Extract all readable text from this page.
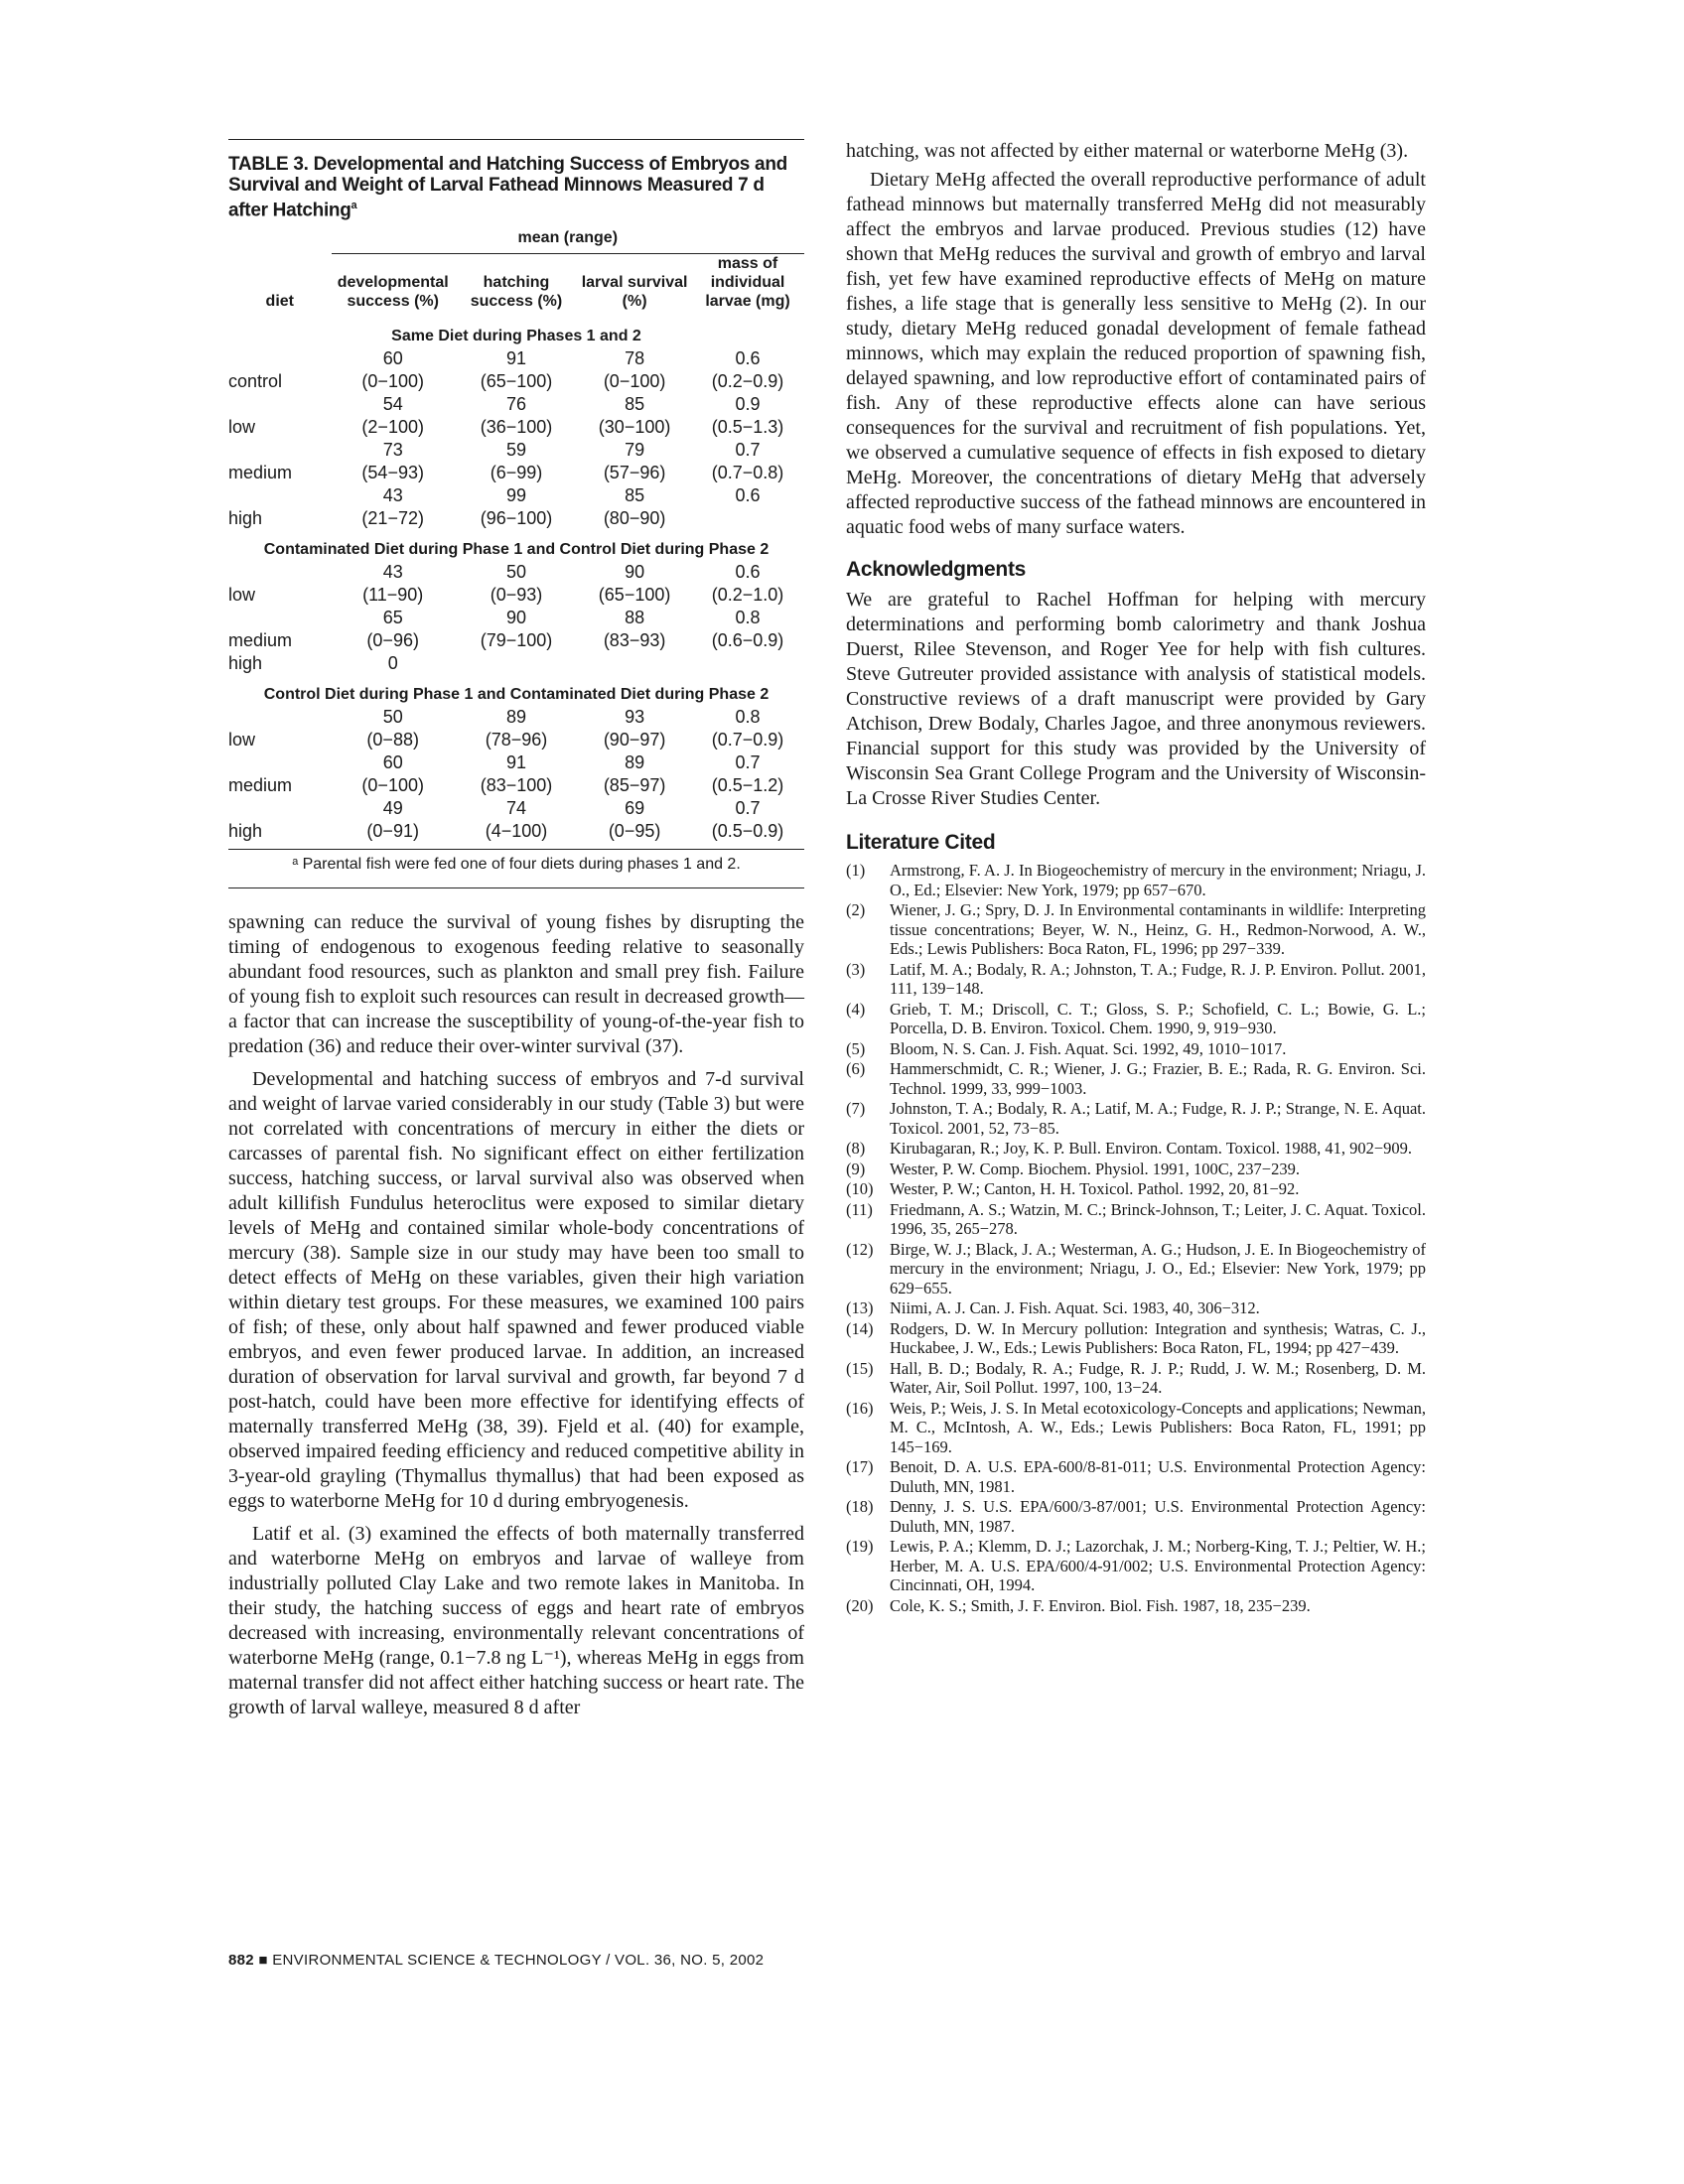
TABLE 3. Developmental and Hatching Success of Embryos and Survival and Weight of Larval Fathead Minnows Measured 7 d after Hatching$^a$
	mean (range)			
diet	developmental success (%)	hatching success (%)	larval survival (%)	mass of individual larvae (mg)
Same Diet during Phases 1 and 2				
	60	91	78	0.6
control	(0−100)	(65−100)	(0−100)	(0.2−0.9)
	54	76	85	0.9
low	(2−100)	(36−100)	(30−100)	(0.5−1.3)
	73	59	79	0.7
medium	(54−93)	(6−99)	(57−96)	(0.7−0.8)
	43	99	85	0.6
high	(21−72)	(96−100)	(80−90)	
Contaminated Diet during Phase 1 and Control Diet during Phase 2				
	43	50	90	0.6
low	(11−90)	(0−93)	(65−100)	(0.2−1.0)
	65	90	88	0.8
medium	(0−96)	(79−100)	(83−93)	(0.6−0.9)
high	0			
Control Diet during Phase 1 and Contaminated Diet during Phase 2				
	50	89	93	0.8
low	(0−88)	(78−96)	(90−97)	(0.7−0.9)
	60	91	89	0.7
medium	(0−100)	(83−100)	(85−97)	(0.5−1.2)
	49	74	69	0.7
high	(0−91)	(4−100)	(0−95)	(0.5−0.9)
ᵃ Parental fish were fed one of four diets during phases 1 and 2.

spawning can reduce the survival of young fishes by disrupting the timing of endogenous to exogenous feeding relative to seasonally abundant food resources, such as plankton and small prey fish. Failure of young fish to exploit such resources can result in decreased growth—a factor that can increase the susceptibility of young-of-the-year fish to predation (36) and reduce their over-winter survival (37).

Developmental and hatching success of embryos and 7-d survival and weight of larvae varied considerably in our study (Table 3) but were not correlated with concentrations of mercury in either the diets or carcasses of parental fish. No significant effect on either fertilization success, hatching success, or larval survival also was observed when adult killifish Fundulus heteroclitus were exposed to similar dietary levels of MeHg and contained similar whole-body concentrations of mercury (38). Sample size in our study may have been too small to detect effects of MeHg on these variables, given their high variation within dietary test groups. For these measures, we examined 100 pairs of fish; of these, only about half spawned and fewer produced viable embryos, and even fewer produced larvae. In addition, an increased duration of observation for larval survival and growth, far beyond 7 d post-hatch, could have been more effective for identifying effects of maternally transferred MeHg (38, 39). Fjeld et al. (40) for example, observed impaired feeding efficiency and reduced competitive ability in 3-year-old grayling (Thymallus thymallus) that had been exposed as eggs to waterborne MeHg for 10 d during embryogenesis.

Latif et al. (3) examined the effects of both maternally transferred and waterborne MeHg on embryos and larvae of walleye from industrially polluted Clay Lake and two remote lakes in Manitoba. In their study, the hatching success of eggs and heart rate of embryos decreased with increasing, environmentally relevant concentrations of waterborne MeHg (range, 0.1−7.8 ng L⁻¹), whereas MeHg in eggs from maternal transfer did not affect either hatching success or heart rate. The growth of larval walleye, measured 8 d after

hatching, was not affected by either maternal or waterborne MeHg (3).

Dietary MeHg affected the overall reproductive performance of adult fathead minnows but maternally transferred MeHg did not measurably affect the embryos and larvae produced. Previous studies (12) have shown that MeHg reduces the survival and growth of embryo and larval fish, yet few have examined reproductive effects of MeHg on mature fishes, a life stage that is generally less sensitive to MeHg (2). In our study, dietary MeHg reduced gonadal development of female fathead minnows, which may explain the reduced proportion of spawning fish, delayed spawning, and low reproductive effort of contaminated pairs of fish. Any of these reproductive effects alone can have serious consequences for the survival and recruitment of fish populations. Yet, we observed a cumulative sequence of effects in fish exposed to dietary MeHg. Moreover, the concentrations of dietary MeHg that adversely affected reproductive success of the fathead minnows are encountered in aquatic food webs of many surface waters.

Acknowledgments

We are grateful to Rachel Hoffman for helping with mercury determinations and performing bomb calorimetry and thank Joshua Duerst, Rilee Stevenson, and Roger Yee for help with fish cultures. Steve Gutreuter provided assistance with analysis of statistical models. Constructive reviews of a draft manuscript were provided by Gary Atchison, Drew Bodaly, Charles Jagoe, and three anonymous reviewers. Financial support for this study was provided by the University of Wisconsin Sea Grant College Program and the University of Wisconsin-La Crosse River Studies Center.

Literature Cited
(1)	Armstrong, F. A. J. In Biogeochemistry of mercury in the environment; Nriagu, J. O., Ed.; Elsevier: New York, 1979; pp 657−670.
(2)	Wiener, J. G.; Spry, D. J. In Environmental contaminants in wildlife: Interpreting tissue concentrations; Beyer, W. N., Heinz, G. H., Redmon-Norwood, A. W., Eds.; Lewis Publishers: Boca Raton, FL, 1996; pp 297−339.
(3)	Latif, M. A.; Bodaly, R. A.; Johnston, T. A.; Fudge, R. J. P. Environ. Pollut. 2001, 111, 139−148.
(4)	Grieb, T. M.; Driscoll, C. T.; Gloss, S. P.; Schofield, C. L.; Bowie, G. L.; Porcella, D. B. Environ. Toxicol. Chem. 1990, 9, 919−930.
(5)	Bloom, N. S. Can. J. Fish. Aquat. Sci. 1992, 49, 1010−1017.
(6)	Hammerschmidt, C. R.; Wiener, J. G.; Frazier, B. E.; Rada, R. G. Environ. Sci. Technol. 1999, 33, 999−1003.
(7)	Johnston, T. A.; Bodaly, R. A.; Latif, M. A.; Fudge, R. J. P.; Strange, N. E. Aquat. Toxicol. 2001, 52, 73−85.
(8)	Kirubagaran, R.; Joy, K. P. Bull. Environ. Contam. Toxicol. 1988, 41, 902−909.
(9)	Wester, P. W. Comp. Biochem. Physiol. 1991, 100C, 237−239.
(10)	Wester, P. W.; Canton, H. H. Toxicol. Pathol. 1992, 20, 81−92.
(11)	Friedmann, A. S.; Watzin, M. C.; Brinck-Johnson, T.; Leiter, J. C. Aquat. Toxicol. 1996, 35, 265−278.
(12)	Birge, W. J.; Black, J. A.; Westerman, A. G.; Hudson, J. E. In Biogeochemistry of mercury in the environment; Nriagu, J. O., Ed.; Elsevier: New York, 1979; pp 629−655.
(13)	Niimi, A. J. Can. J. Fish. Aquat. Sci. 1983, 40, 306−312.
(14)	Rodgers, D. W. In Mercury pollution: Integration and synthesis; Watras, C. J., Huckabee, J. W., Eds.; Lewis Publishers: Boca Raton, FL, 1994; pp 427−439.
(15)	Hall, B. D.; Bodaly, R. A.; Fudge, R. J. P.; Rudd, J. W. M.; Rosenberg, D. M. Water, Air, Soil Pollut. 1997, 100, 13−24.
(16)	Weis, P.; Weis, J. S. In Metal ecotoxicology-Concepts and applications; Newman, M. C., McIntosh, A. W., Eds.; Lewis Publishers: Boca Raton, FL, 1991; pp 145−169.
(17)	Benoit, D. A. U.S. EPA-600/8-81-011; U.S. Environmental Protection Agency: Duluth, MN, 1981.
(18)	Denny, J. S. U.S. EPA/600/3-87/001; U.S. Environmental Protection Agency: Duluth, MN, 1987.
(19)	Lewis, P. A.; Klemm, D. J.; Lazorchak, J. M.; Norberg-King, T. J.; Peltier, W. H.; Herber, M. A. U.S. EPA/600/4-91/002; U.S. Environmental Protection Agency: Cincinnati, OH, 1994.
(20)	Cole, K. S.; Smith, J. F. Environ. Biol. Fish. 1987, 18, 235−239.
882 ■ ENVIRONMENTAL SCIENCE & TECHNOLOGY / VOL. 36, NO. 5, 2002
